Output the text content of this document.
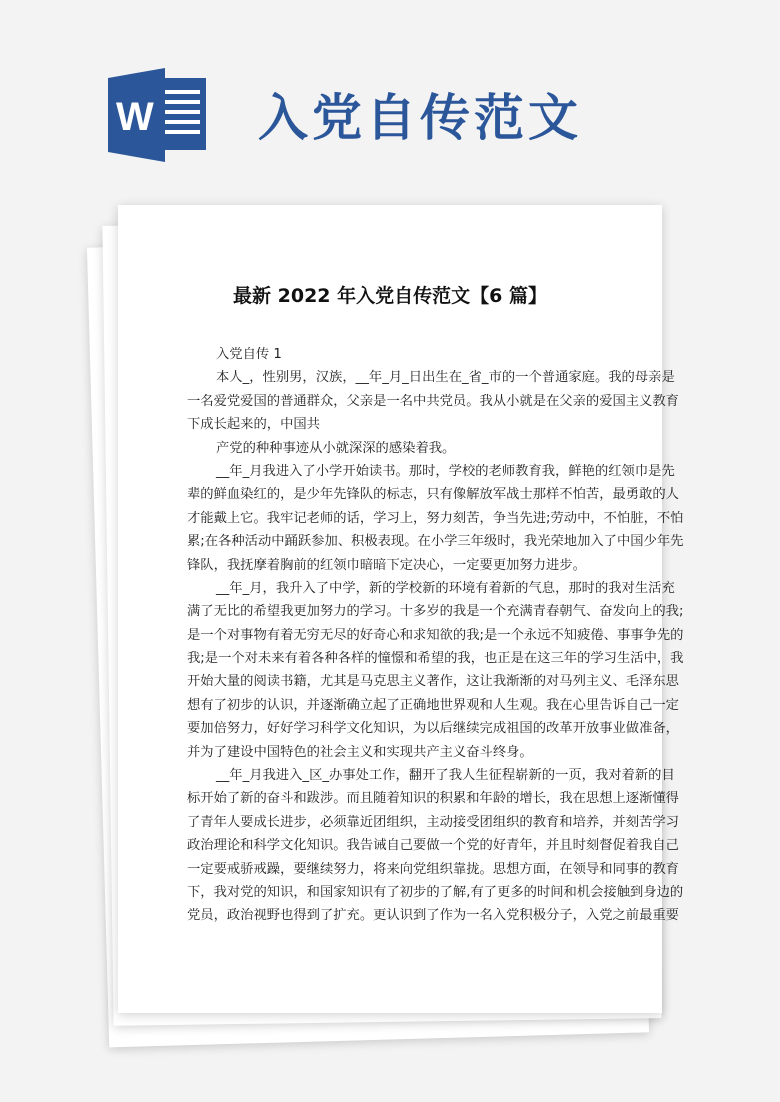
W 入党自传范文
最新 2022 年入党自传范文【6 篇】
入党自传 1
本人_，性别男，汉族，__年_月_日出生在_省_市的一个普通家庭。我的母亲是
一名爱党爱国的普通群众，父亲是一名中共党员。我从小就是在父亲的爱国主义教育
下成长起来的，中国共
产党的种种事迹从小就深深的感染着我。
__年_月我进入了小学开始读书。那时，学校的老师教育我，鲜艳的红领巾是先
辈的鲜血染红的，是少年先锋队的标志，只有像解放军战士那样不怕苦，最勇敢的人
才能戴上它。我牢记老师的话，学习上，努力刻苦，争当先进;劳动中，不怕脏，不怕
累;在各种活动中踊跃参加、积极表现。在小学三年级时，我光荣地加入了中国少年先
锋队，我抚摩着胸前的红领巾暗暗下定决心，一定要更加努力进步。
__年_月，我升入了中学，新的学校新的环境有着新的气息，那时的我对生活充
满了无比的希望我更加努力的学习。十多岁的我是一个充满青春朝气、奋发向上的我;
是一个对事物有着无穷无尽的好奇心和求知欲的我;是一个永远不知疲倦、事事争先的
我;是一个对未来有着各种各样的憧憬和希望的我，也正是在这三年的学习生活中，我
开始大量的阅读书籍，尤其是马克思主义著作，这让我渐渐的对马列主义、毛泽东思
想有了初步的认识，并逐渐确立起了正确地世界观和人生观。我在心里告诉自己一定
要加倍努力，好好学习科学文化知识，为以后继续完成祖国的改革开放事业做准备，
并为了建设中国特色的社会主义和实现共产主义奋斗终身。
__年_月我进入_区_办事处工作，翻开了我人生征程崭新的一页，我对着新的目
标开始了新的奋斗和跋涉。而且随着知识的积累和年龄的增长，我在思想上逐渐懂得
了青年人要成长进步，必须靠近团组织，主动接受团组织的教育和培养，并刻苦学习
政治理论和科学文化知识。我告诫自己要做一个党的好青年，并且时刻督促着我自己
一定要戒骄戒躁，要继续努力，将来向党组织靠拢。思想方面，在领导和同事的教育
下，我对党的知识，和国家知识有了初步的了解,有了更多的时间和机会接触到身边的
党员，政治视野也得到了扩充。更认识到了作为一名入党积极分子，入党之前最重要
